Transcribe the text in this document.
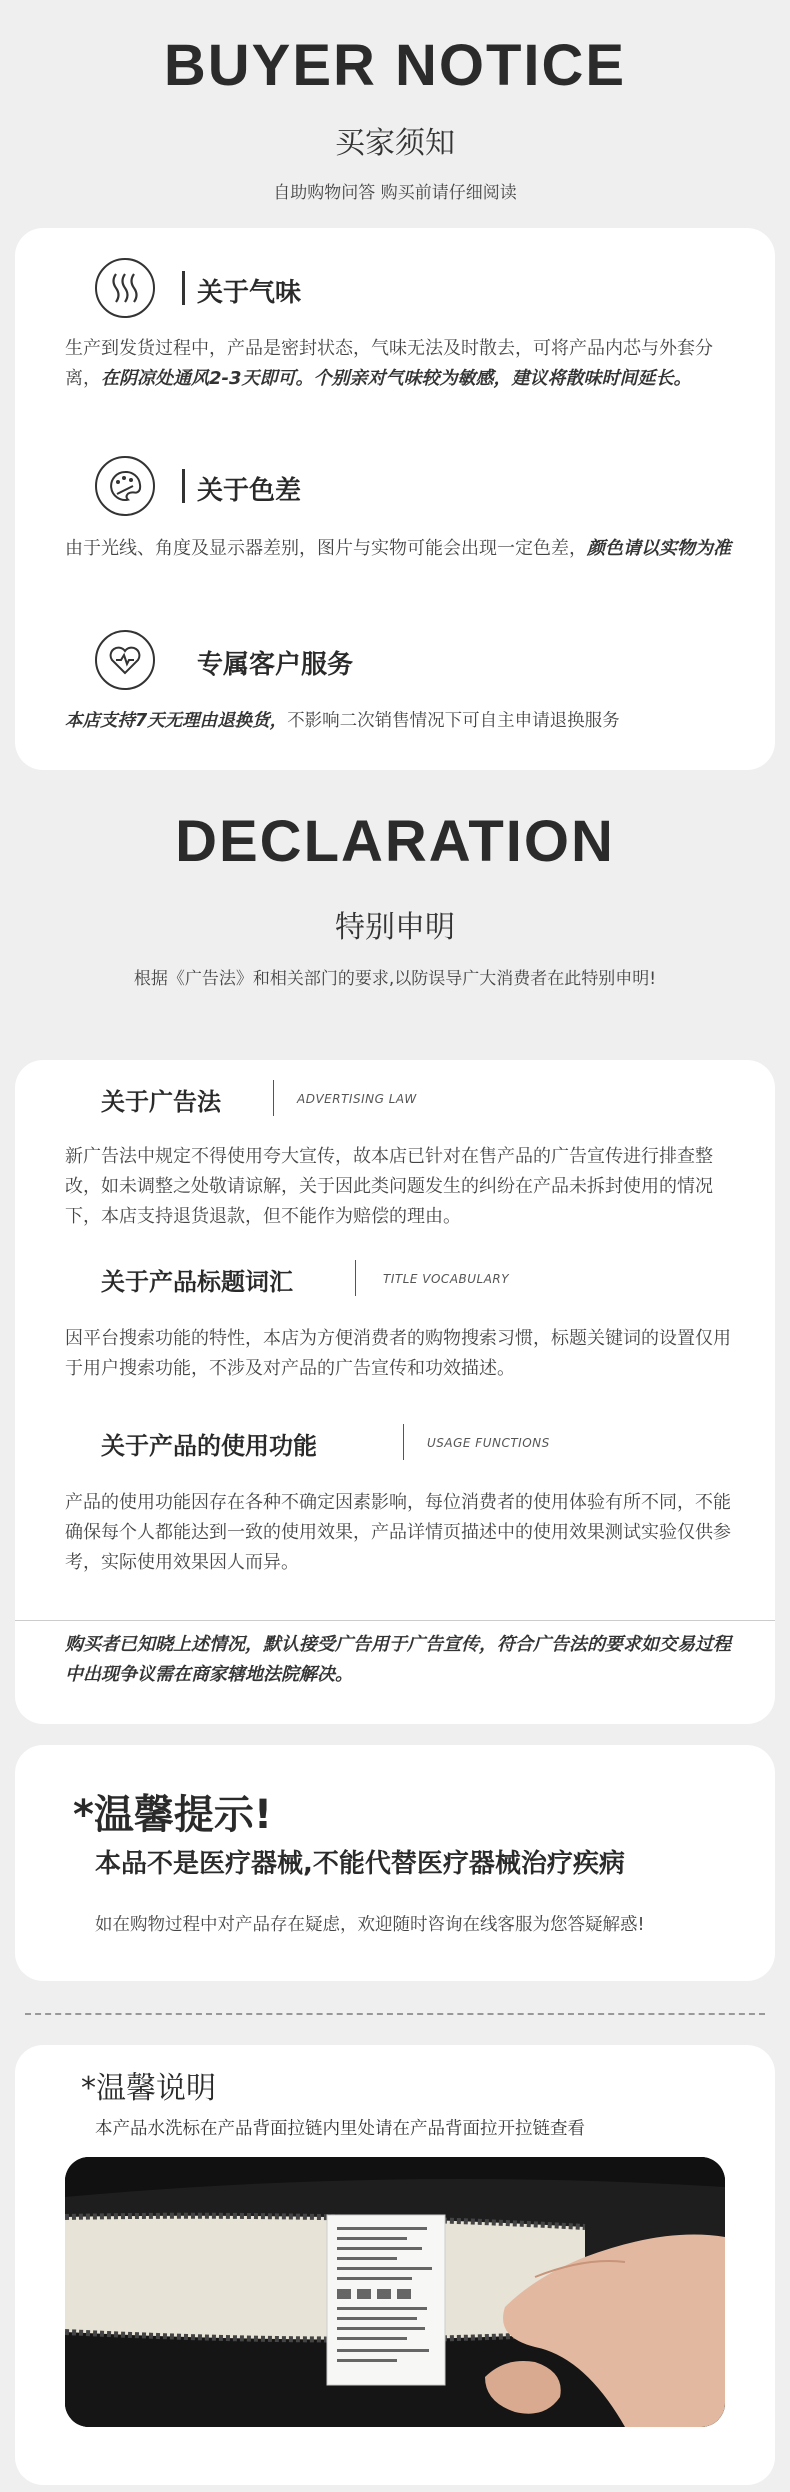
BUYER NOTICE
买家须知
自助购物问答 购买前请仔细阅读
关于气味
生产到发货过程中，产品是密封状态，气味无法及时散去，可将产品内芯与外套分离，在阴凉处通风2-3天即可。个别亲对气味较为敏感，建议将散味时间延长。
关于色差
由于光线、角度及显示器差别，图片与实物可能会出现一定色差，颜色请以实物为准
专属客户服务
本店支持7天无理由退换货，不影响二次销售情况下可自主申请退换服务
DECLARATION
特别申明
根据《广告法》和相关部门的要求,以防误导广大消费者在此特别申明!
关于广告法	ADVERTISING LAW
新广告法中规定不得使用夸大宣传，故本店已针对在售产品的广告宣传进行排查整改，如未调整之处敬请谅解，关于因此类问题发生的纠纷在产品未拆封使用的情况下，本店支持退货退款，但不能作为赔偿的理由。
关于产品标题词汇	TITLE VOCABULARY
因平台搜索功能的特性，本店为方便消费者的购物搜索习惯，标题关键词的设置仅用于用户搜索功能，不涉及对产品的广告宣传和功效描述。
关于产品的使用功能	USAGE FUNCTIONS
产品的使用功能因存在各种不确定因素影响，每位消费者的使用体验有所不同，不能确保每个人都能达到一致的使用效果，产品详情页描述中的使用效果测试实验仅供参考，实际使用效果因人而异。
购买者已知晓上述情况，默认接受广告用于广告宣传，符合广告法的要求如交易过程中出现争议需在商家辖地法院解决。
*温馨提示!
本品不是医疗器械,不能代替医疗器械治疗疾病
如在购物过程中对产品存在疑虑，欢迎随时咨询在线客服为您答疑解惑!
*温馨说明
本产品水洗标在产品背面拉链内里处请在产品背面拉开拉链查看
